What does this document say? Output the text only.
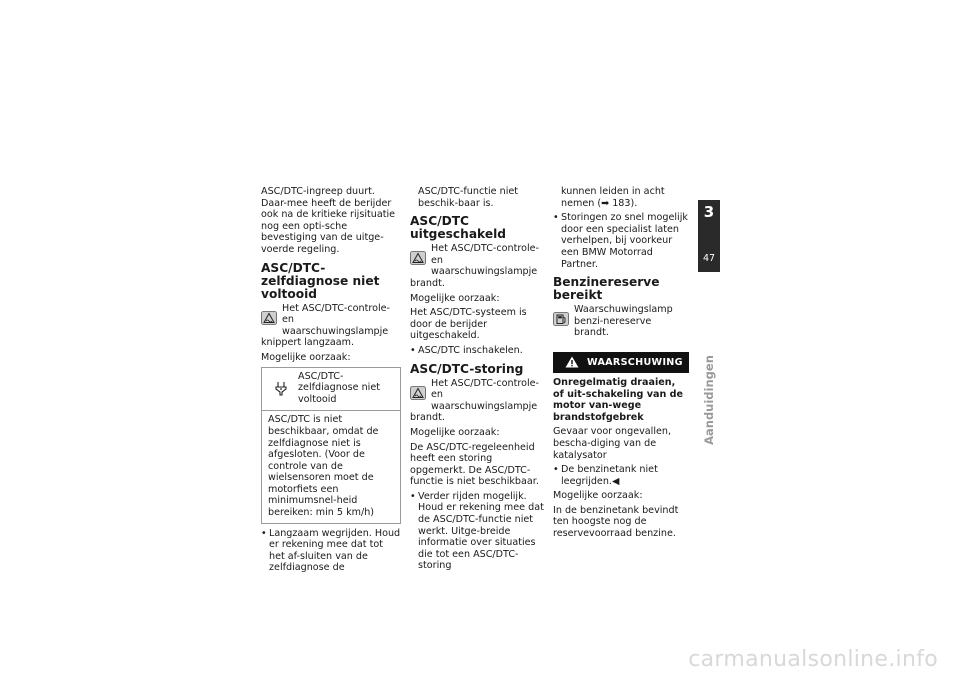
ASC/DTC-ingreep duurt. Daar-mee heeft de berijder ook na de kritieke rijsituatie nog een opti-sche bevestiging van de uitge-voerde regeling.

ASC/DTC-zelfdiagnose niet voltooid
Het ASC/DTC-controle-en waarschuwingslampje
knippert langzaam.

Mogelijke oorzaak:

ASC/DTC-zelfdiagnose niet voltooid
ASC/DTC is niet beschikbaar, omdat de zelfdiagnose niet is afgesloten. (Voor de controle van de wielsensoren moet de motorfiets een minimumsnel-heid bereiken: min 5 km/h)
• Langzaam wegrijden. Houd er rekening mee dat tot het af-sluiten van de zelfdiagnose de

ASC/DTC-functie niet beschik-baar is.

ASC/DTC uitgeschakeld
Het ASC/DTC-controle-en waarschuwingslampje
brandt.

Mogelijke oorzaak:

Het ASC/DTC-systeem is door de berijder uitgeschakeld.

• ASC/DTC inschakelen.
ASC/DTC-storing
Het ASC/DTC-controle-en waarschuwingslampje
brandt.

Mogelijke oorzaak:

De ASC/DTC-regeleenheid heeft een storing opgemerkt. De ASC/DTC-functie is niet beschikbaar.

• Verder rijden mogelijk. Houd er rekening mee dat de ASC/DTC-functie niet werkt. Uitge-breide informatie over situaties die tot een ASC/DTC-storing

kunnen leiden in acht nemen (➡ 183).

• Storingen zo snel mogelijk door een specialist laten verhelpen, bij voorkeur een BMW Motorrad Partner.
Benzinereserve bereikt
Waarschuwingslamp benzi-nereserve brandt.
WAARSCHUWING

Onregelmatig draaien, of uit-schakeling van de motor van-wege brandstofgebrek

Gevaar voor ongevallen, bescha-diging van de katalysator

• De benzinetank niet leegrijden.◀

Mogelijke oorzaak:

In de benzinetank bevindt ten hoogste nog de reservevoorraad benzine.

3
47
Aanduidingen
carmanualsonline.info
